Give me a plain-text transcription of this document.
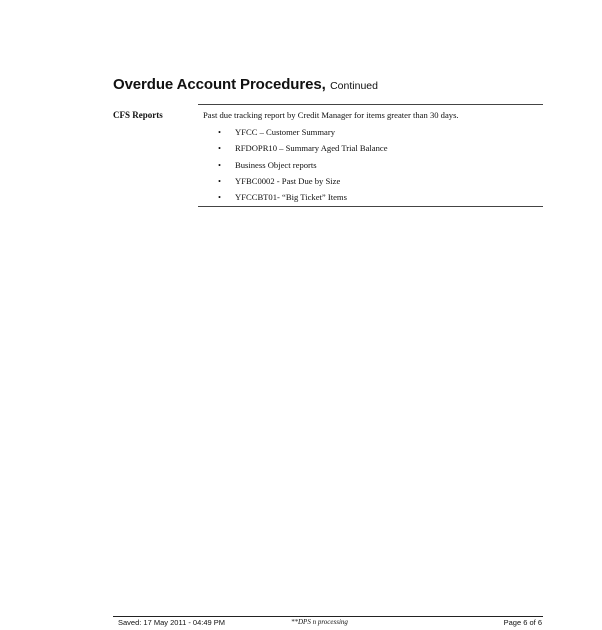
Overdue Account Procedures, Continued
CFS Reports	Past due tracking report by Credit Manager for items greater than 30 days.
• YFCC – Customer Summary
• RFDOPR10 – Summary Aged Trial Balance
• Business Object reports
• YFBC0002 - Past Due by Size
• YFCCBT01- “Big Ticket” Items
Saved: 17 May 2011 - 04:49 PM	**DPS n processing	Page 6 of 6
